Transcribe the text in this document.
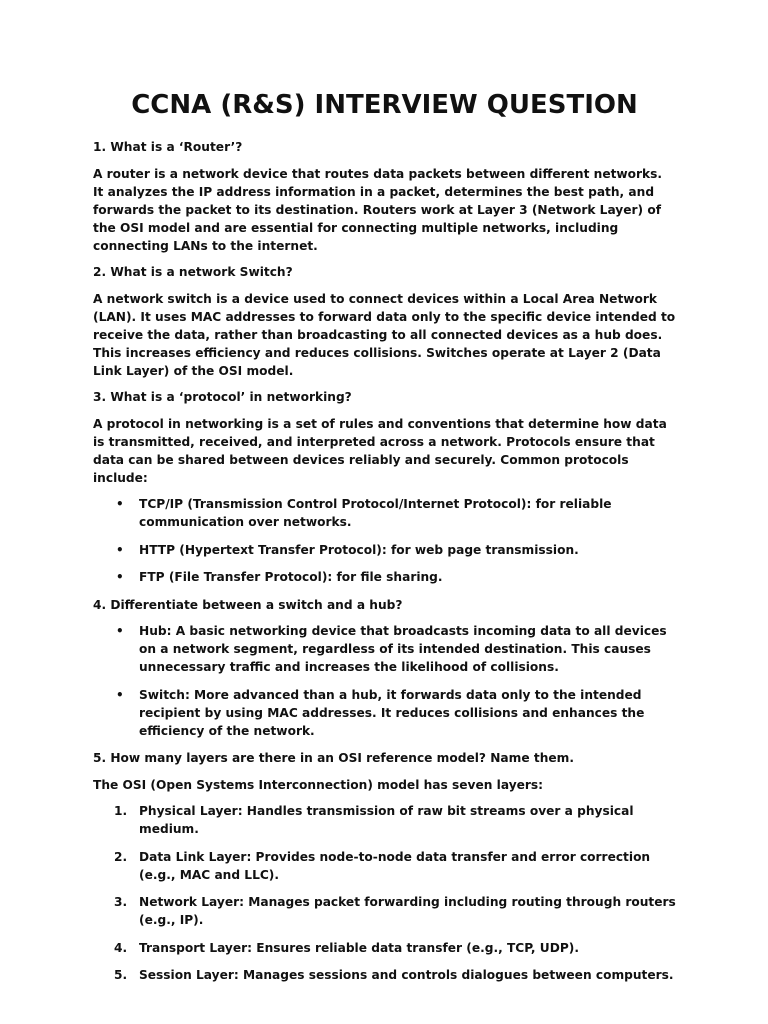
CCNA (R&S) INTERVIEW QUESTION
1. What is a ‘Router’?
A router is a network device that routes data packets between different networks. It analyzes the IP address information in a packet, determines the best path, and forwards the packet to its destination. Routers work at Layer 3 (Network Layer) of the OSI model and are essential for connecting multiple networks, including connecting LANs to the internet.
2. What is a network Switch?
A network switch is a device used to connect devices within a Local Area Network (LAN). It uses MAC addresses to forward data only to the specific device intended to receive the data, rather than broadcasting to all connected devices as a hub does. This increases efficiency and reduces collisions. Switches operate at Layer 2 (Data Link Layer) of the OSI model.
3. What is a ‘protocol’ in networking?
A protocol in networking is a set of rules and conventions that determine how data is transmitted, received, and interpreted across a network. Protocols ensure that data can be shared between devices reliably and securely. Common protocols include:
•	TCP/IP (Transmission Control Protocol/Internet Protocol): for reliable communication over networks.
•	HTTP (Hypertext Transfer Protocol): for web page transmission.
•	FTP (File Transfer Protocol): for file sharing.
4. Differentiate between a switch and a hub?
•	Hub: A basic networking device that broadcasts incoming data to all devices on a network segment, regardless of its intended destination. This causes unnecessary traffic and increases the likelihood of collisions.
•	Switch: More advanced than a hub, it forwards data only to the intended recipient by using MAC addresses. It reduces collisions and enhances the efficiency of the network.
5. How many layers are there in an OSI reference model? Name them.
The OSI (Open Systems Interconnection) model has seven layers:
1. Physical Layer: Handles transmission of raw bit streams over a physical medium.
2. Data Link Layer: Provides node-to-node data transfer and error correction (e.g., MAC and LLC).
3. Network Layer: Manages packet forwarding including routing through routers (e.g., IP).
4. Transport Layer: Ensures reliable data transfer (e.g., TCP, UDP).
5. Session Layer: Manages sessions and controls dialogues between computers.
